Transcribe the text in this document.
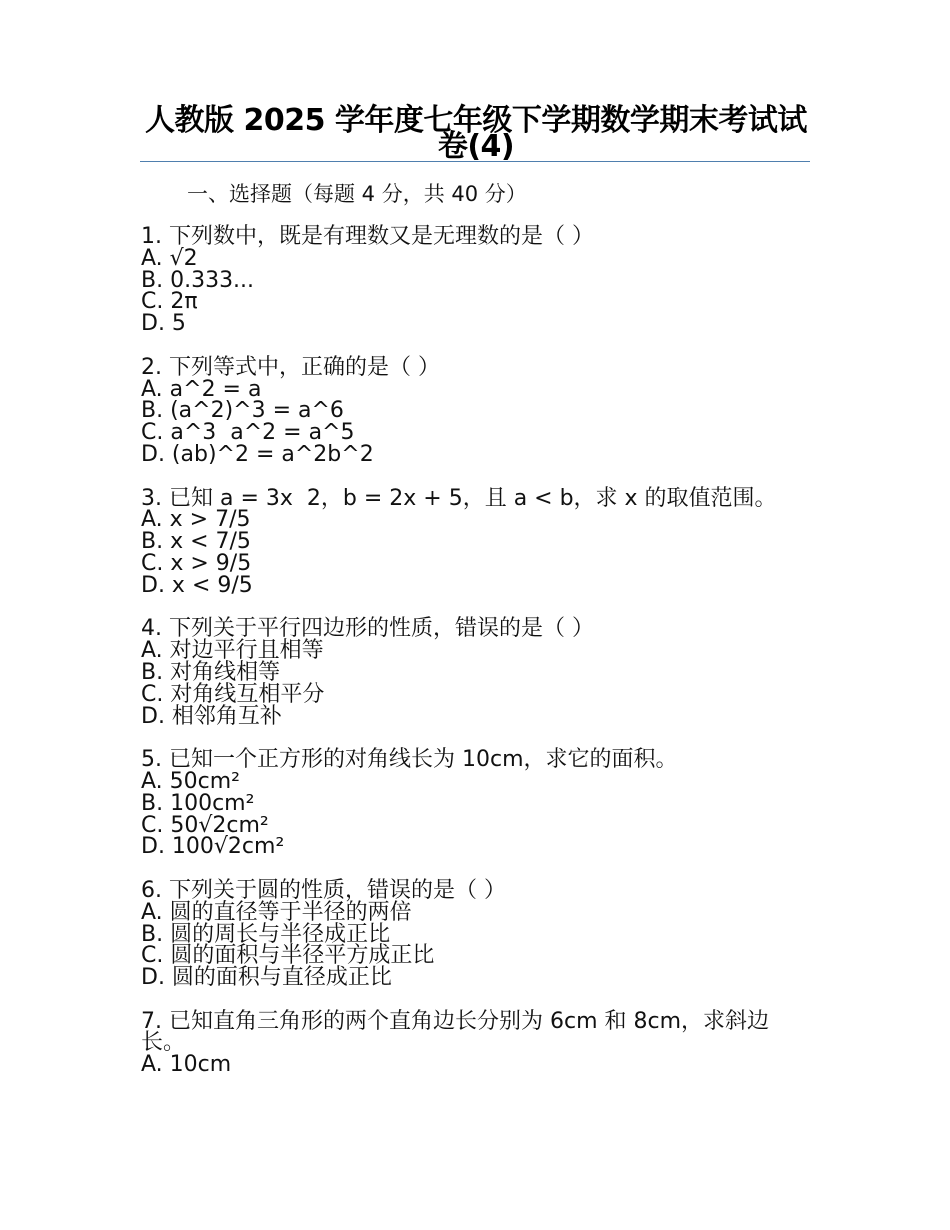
人教版 2025 学年度七年级下学期数学期末考试试卷(4)
一、选择题（每题 4 分，共 40 分）
1. 下列数中，既是有理数又是无理数的是（ ）
A. √2
B. 0.333...
C. 2π
D. 5
2. 下列等式中，正确的是（ ）
A. a^2 = a
B. (a^2)^3 = a^6
C. a^3  a^2 = a^5
D. (ab)^2 = a^2b^2
3. 已知 a = 3x  2，b = 2x + 5，且 a < b，求 x 的取值范围。
A. x > 7/5
B. x < 7/5
C. x > 9/5
D. x < 9/5
4. 下列关于平行四边形的性质，错误的是（ ）
A. 对边平行且相等
B. 对角线相等
C. 对角线互相平分
D. 相邻角互补
5. 已知一个正方形的对角线长为 10cm，求它的面积。
A. 50cm²
B. 100cm²
C. 50√2cm²
D. 100√2cm²
6. 下列关于圆的性质，错误的是（ ）
A. 圆的直径等于半径的两倍
B. 圆的周长与半径成正比
C. 圆的面积与半径平方成正比
D. 圆的面积与直径成正比
7. 已知直角三角形的两个直角边长分别为 6cm 和 8cm，求斜边长。
A. 10cm
